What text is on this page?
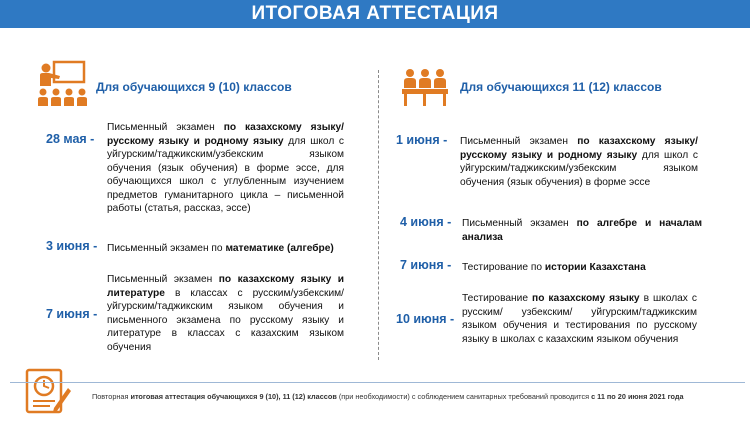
ИТОГОВАЯ АТТЕСТАЦИЯ
Для обучающихся 9 (10) классов	Для обучающихся 11 (12) классов
28 мая -
Письменный экзамен по казахскому языку/русскому языку и родному языку для школ с уйгурским/таджикским/узбекским языком обучения (язык обучения) в форме эссе, для обучающихся школ с углубленным изучением предметов гуманитарного цикла – письменной работы (статья, рассказ, эссе)
3 июня - Письменный экзамен по математике (алгебре)
7 июня -
Письменный экзамен по казахскому языку и литературе в классах с русским/узбекским/уйгурским/таджикским языком обучения и письменного экзамена по русскому языку и литературе в классах с казахским языком обучения
1 июня - Письменный экзамен по казахскому языку/русскому языку и родному языку для школ с уйгурским/таджикским/узбекским языком обучения (язык обучения) в форме эссе
4 июня - Письменный экзамен по алгебре и началам анализа
7 июня - Тестирование по истории Казахстана
10 июня -
Тестирование по казахскому языку в школах с русским/ узбекским/ уйгурским/таджикским языком обучения и тестирования по русскому языку в школах с казахским языком обучения
Повторная итоговая аттестация обучающихся 9 (10), 11 (12) классов (при необходимости) с соблюдением санитарных требований проводится с 11 по 20 июня 2021 года
